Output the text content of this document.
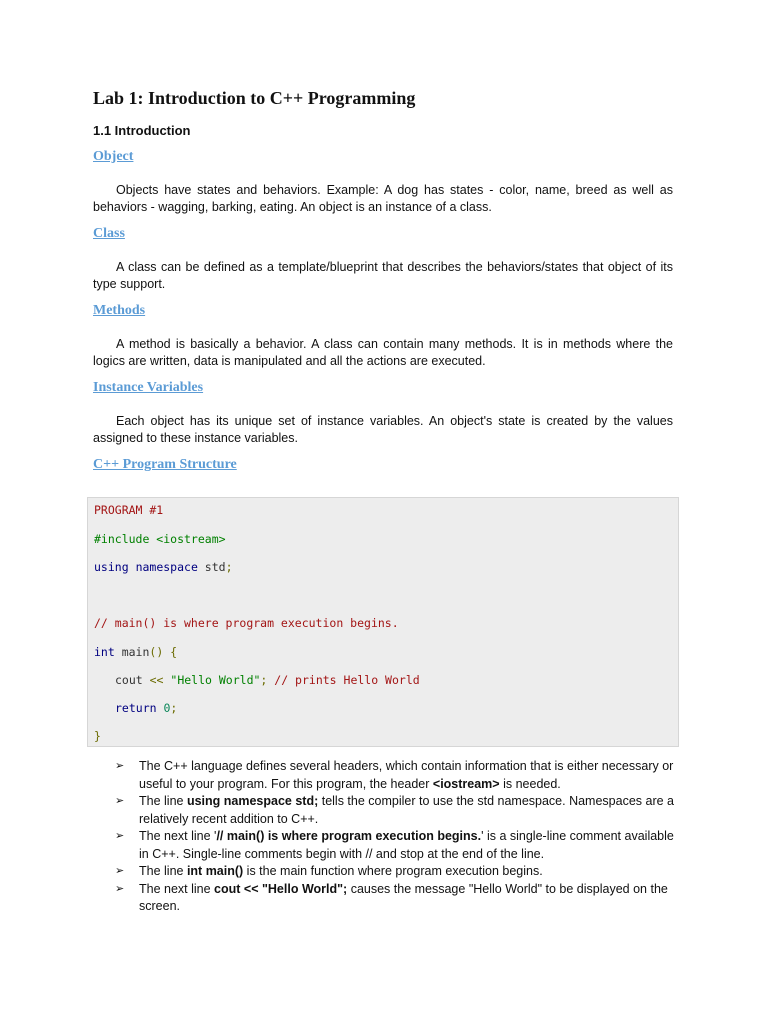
Lab 1: Introduction to C++ Programming
1.1 Introduction
Object

Objects have states and behaviors. Example: A dog has states - color, name, breed as well as behaviors - wagging, barking, eating. An object is an instance of a class.

Class

A class can be defined as a template/blueprint that describes the behaviors/states that object of its type support.

Methods

A method is basically a behavior. A class can contain many methods. It is in methods where the logics are written, data is manipulated and all the actions are executed.

Instance Variables

Each object has its unique set of instance variables. An object's state is created by the values assigned to these instance variables.

C++ Program Structure
PROGRAM #1
#include <iostream>
using namespace std;
// main() is where program execution begins.
int main() {
cout << "Hello World"; // prints Hello World
return 0;
}
➢ The C++ language defines several headers, which contain information that is either necessary or useful to your program. For this program, the header <iostream> is needed.
➢ The line using namespace std; tells the compiler to use the std namespace. Namespaces are a relatively recent addition to C++.
➢ The next line '// main() is where program execution begins.' is a single-line comment available in C++. Single-line comments begin with // and stop at the end of the line.
➢ The line int main() is the main function where program execution begins.
➢ The next line cout << "Hello World"; causes the message "Hello World" to be displayed on the screen.
